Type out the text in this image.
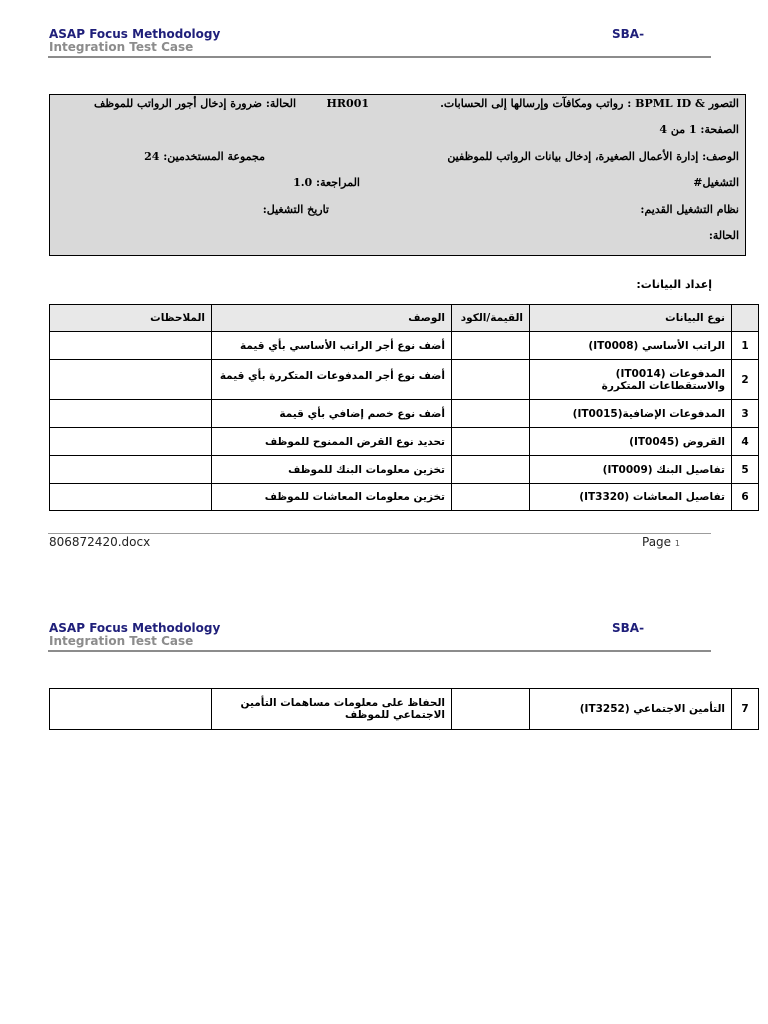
ASAP Focus Methodology
Integration Test Case
SBA-
التصور & BPML ID : رواتب ومكافآت وإرسالها إلى الحسابات.
HR001
الحالة: ضرورة إدخال أجور الرواتب للموظف
الصفحة: 1 من 4
الوصف: إدارة الأعمال الصغيرة، إدخال بيانات الرواتب للموظفين
مجموعة المستخدمين: 24
التشغيل#
المراجعة: 1.0
نظام التشغيل القديم:
تاريخ التشغيل:
الحالة:
إعداد البيانات:
الملاحظات	الوصف	القيمة/الكود	نوع البيانات	
	أضف نوع أجر الراتب الأساسي بأي قيمة		الراتب الأساسي (IT0008)	1
	أضف نوع أجر المدفوعات المتكررة بأي قيمة		المدفوعات (IT0014) والاستقطاعات المتكررة	2
	أضف نوع خصم إضافي بأي قيمة		المدفوعات الإضافية(IT0015)	3
	تحديد نوع القرض الممنوح للموظف		القروض (IT0045)	4
	تخزين معلومات البنك للموظف		تفاصيل البنك (IT0009)	5
	تخزين معلومات المعاشات للموظف		تفاصيل المعاشات (IT3320)	6
806872420.docx	Page 1
ASAP Focus Methodology
Integration Test Case
SBA-
	الحفاظ على معلومات مساهمات التأمين الاجتماعي للموظف		التأمين الاجتماعي (IT3252)	7
